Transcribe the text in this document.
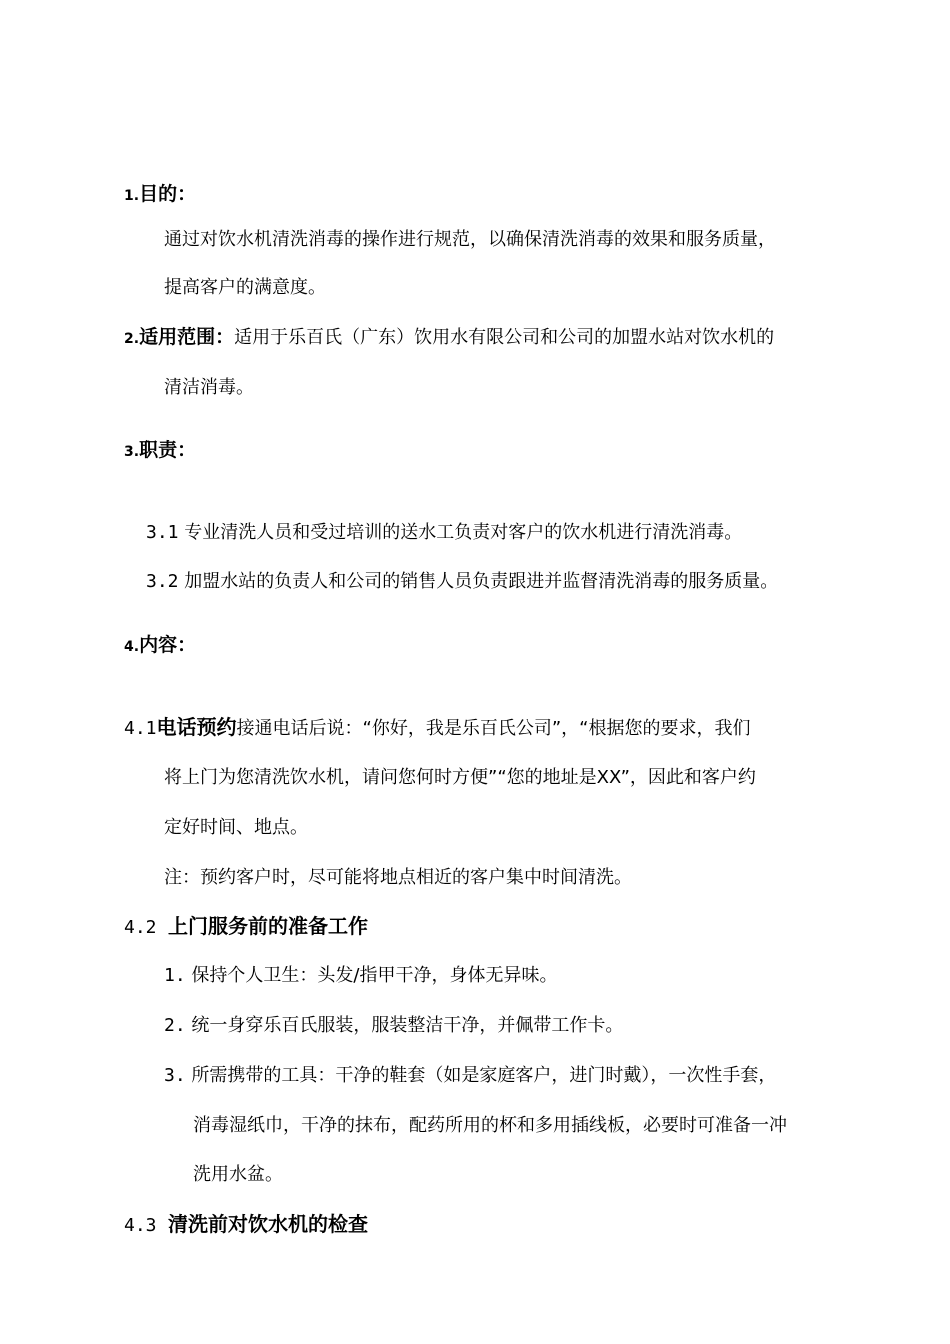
1.目的：
通过对饮水机清洗消毒的操作进行规范，以确保清洗消毒的效果和服务质量，
提高客户的满意度。
2.适用范围：适用于乐百氏（广东）饮用水有限公司和公司的加盟水站对饮水机的
清洁消毒。
3.职责：
3.1 专业清洗人员和受过培训的送水工负责对客户的饮水机进行清洗消毒。
3.2 加盟水站的负责人和公司的销售人员负责跟进并监督清洗消毒的服务质量。
4.内容：
4.1电话预约接通电话后说：“你好，我是乐百氏公司”，“根据您的要求，我们
将上门为您清洗饮水机，请问您何时方便”“您的地址是XX”，因此和客户约
定好时间、地点。
注：预约客户时，尽可能将地点相近的客户集中时间清洗。
4.2 上门服务前的准备工作
1. 保持个人卫生：头发/指甲干净，身体无异味。
2. 统一身穿乐百氏服装，服装整洁干净，并佩带工作卡。
3. 所需携带的工具：干净的鞋套（如是家庭客户，进门时戴），一次性手套，
消毒湿纸巾，干净的抹布，配药所用的杯和多用插线板，必要时可准备一冲
洗用水盆。
4.3 清洗前对饮水机的检查
